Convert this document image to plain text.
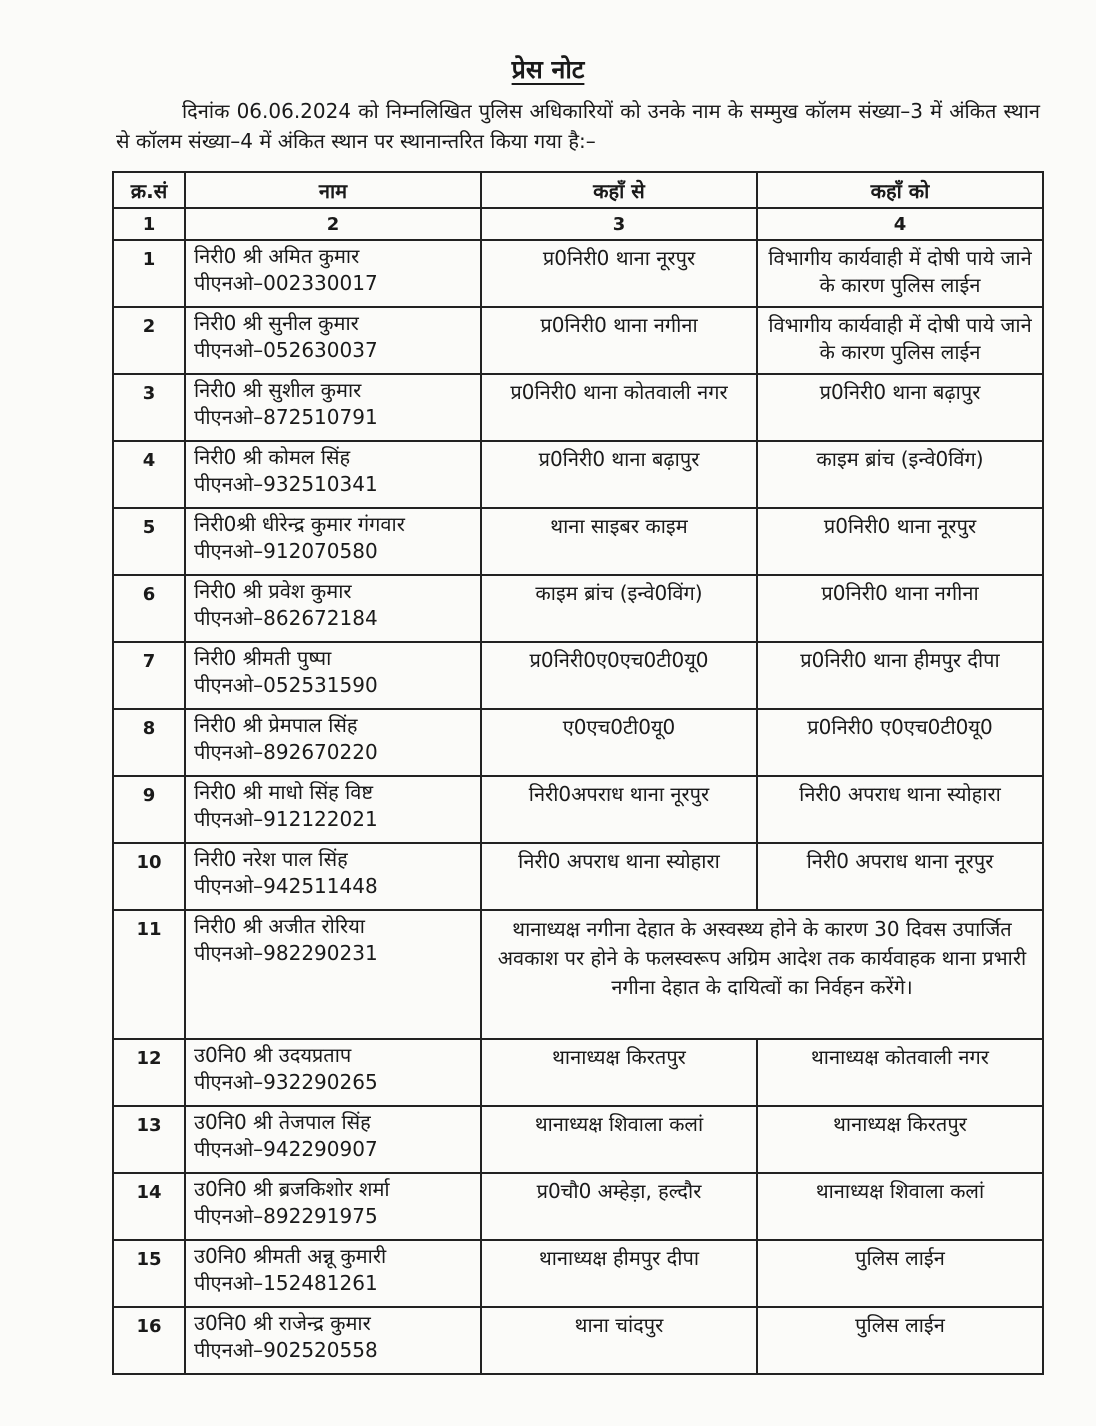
प्रेस नोट
दिनांक 06.06.2024 को निम्नलिखित पुलिस अधिकारियों को उनके नाम के सम्मुख कॉलम संख्या–3 में अंकित स्थान से कॉलम संख्या–4 में अंकित स्थान पर स्थानान्तरित किया गया है:–
क्र.सं	नाम	कहाँ से	कहाँ को
1	2	3	4
1	निरी0 श्री अमित कुमार
पीएनओ–002330017	प्र0निरी0 थाना नूरपुर	विभागीय कार्यवाही में दोषी पाये जाने के कारण पुलिस लाईन
2	निरी0 श्री सुनील कुमार
पीएनओ–052630037	प्र0निरी0 थाना नगीना	विभागीय कार्यवाही में दोषी पाये जाने के कारण पुलिस लाईन
3	निरी0 श्री सुशील कुमार
पीएनओ–872510791	प्र0निरी0 थाना कोतवाली नगर	प्र0निरी0 थाना बढ़ापुर
4	निरी0 श्री कोमल सिंह
पीएनओ–932510341	प्र0निरी0 थाना बढ़ापुर	काइम ब्रांच (इन्वे0विंग)
5	निरी0श्री धीरेन्द्र कुमार गंगवार
पीएनओ–912070580	थाना साइबर काइम	प्र0निरी0 थाना नूरपुर
6	निरी0 श्री प्रवेश कुमार
पीएनओ–862672184	काइम ब्रांच (इन्वे0विंग)	प्र0निरी0 थाना नगीना
7	निरी0 श्रीमती पुष्पा
पीएनओ–052531590	प्र0निरी0ए0एच0टी0यू0	प्र0निरी0 थाना हीमपुर दीपा
8	निरी0 श्री प्रेमपाल सिंह
पीएनओ–892670220	ए0एच0टी0यू0	प्र0निरी0 ए0एच0टी0यू0
9	निरी0 श्री माधो सिंह विष्ट
पीएनओ–912122021	निरी0अपराध थाना नूरपुर	निरी0 अपराध थाना स्योहारा
10	निरी0 नरेश पाल सिंह
पीएनओ–942511448	निरी0 अपराध थाना स्योहारा	निरी0 अपराध थाना नूरपुर
11	निरी0 श्री अजीत रोरिया
पीएनओ–982290231	थानाध्यक्ष नगीना देहात के अस्वस्थ्य होने के कारण 30 दिवस उपार्जित अवकाश पर होने के फलस्वरूप अग्रिम आदेश तक कार्यवाहक थाना प्रभारी नगीना देहात के दायित्वों का निर्वहन करेंगे।	
12	उ0नि0 श्री उदयप्रताप
पीएनओ–932290265	थानाध्यक्ष किरतपुर	थानाध्यक्ष कोतवाली नगर
13	उ0नि0 श्री तेजपाल सिंह
पीएनओ–942290907	थानाध्यक्ष शिवाला कलां	थानाध्यक्ष किरतपुर
14	उ0नि0 श्री ब्रजकिशोर शर्मा
पीएनओ–892291975	प्र0चौ0 अम्हेड़ा, हल्दौर	थानाध्यक्ष शिवाला कलां
15	उ0नि0 श्रीमती अन्नू कुमारी
पीएनओ–152481261	थानाध्यक्ष हीमपुर दीपा	पुलिस लाईन
16	उ0नि0 श्री राजेन्द्र कुमार
पीएनओ–902520558	थाना चांदपुर	पुलिस लाईन
